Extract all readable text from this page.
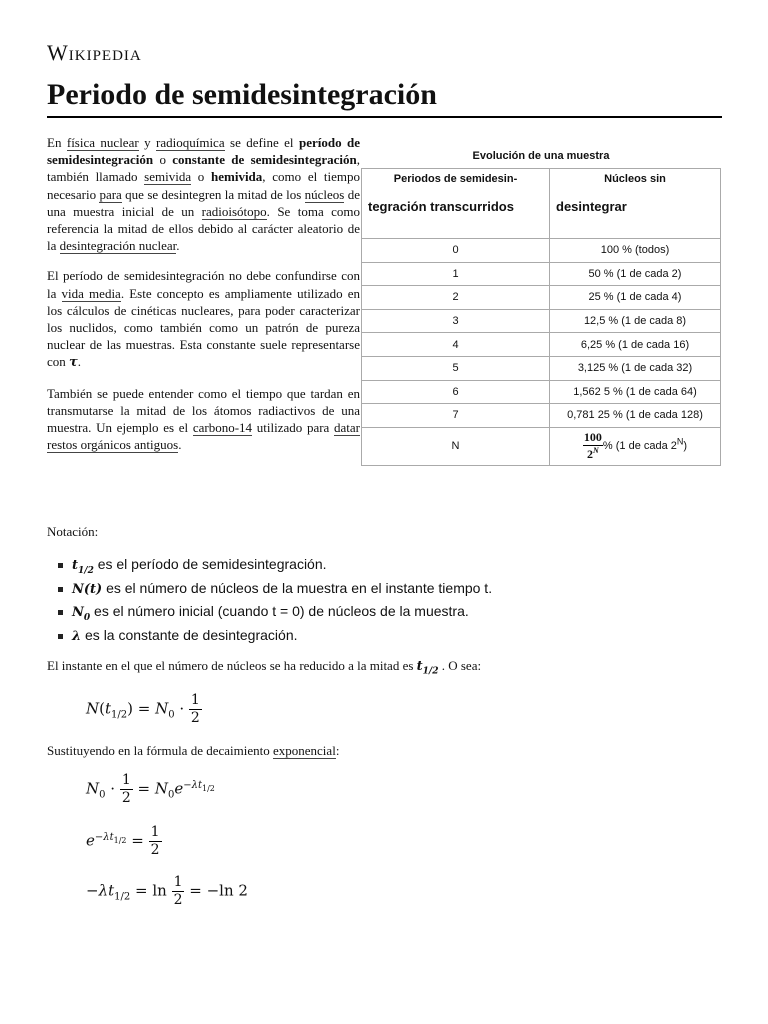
Wikipedia
Periodo de semidesintegración

En física nuclear y radioquímica se define el período de semidesintegración o constante de semidesintegración, también llamado semivida o hemivida, como el tiempo necesario para que se desintegren la mitad de los núcleos de una muestra inicial de un radioisótopo. Se toma como referencia la mitad de ellos debido al carácter aleatorio de la desintegración nuclear.

El período de semidesintegración no debe confundirse con la vida media. Este concepto es ampliamente utilizado en los cálculos de cinéticas nucleares, para poder caracterizar los nuclidos, como también como un patrón de pureza nuclear de las muestras. Esta constante suele representarse con τ.

También se puede entender como el tiempo que tardan en transmutarse la mitad de los átomos radiactivos de una muestra. Un ejemplo es el carbono-14 utilizado para datar restos orgánicos antiguos.

Evolución de una muestra
Periodos de semidesin-
tegración transcurridos	Núcleos sin
desintegrar

0	100 % (todos)
1	50 % (1 de cada 2)
2	25 % (1 de cada 4)
3	12,5 % (1 de cada 8)
4	6,25 % (1 de cada 16)
5	3,125 % (1 de cada 32)
6	1,562 5 % (1 de cada 64)
7	0,781 25 % (1 de cada 128)
N	$\frac{100}{2^N}$ % (1 de cada $2^N$)
Notación:
$t_{1/2}$ es el período de semidesintegración.
N(t) es el número de núcleos de la muestra en el instante tiempo t.
$N_0$ es el número inicial (cuando t = 0) de núcleos de la muestra.
λ es la constante de desintegración.
El instante en el que el número de núcleos se ha reducido a la mitad es $t_{1/2}$ . O sea:
$N(t_{1/2}) = N_0 \cdot \frac{1}{2}$
Sustituyendo en la fórmula de decaimiento exponencial:
$N_0 \cdot \frac{1}{2} = N_0e^{-\lambda t_{1/2}}$
$e^{-\lambda t_{1/2}} = \frac{1}{2}$
$-\lambda t_{1/2} = \ln \frac{1}{2} = -\ln$ 2
